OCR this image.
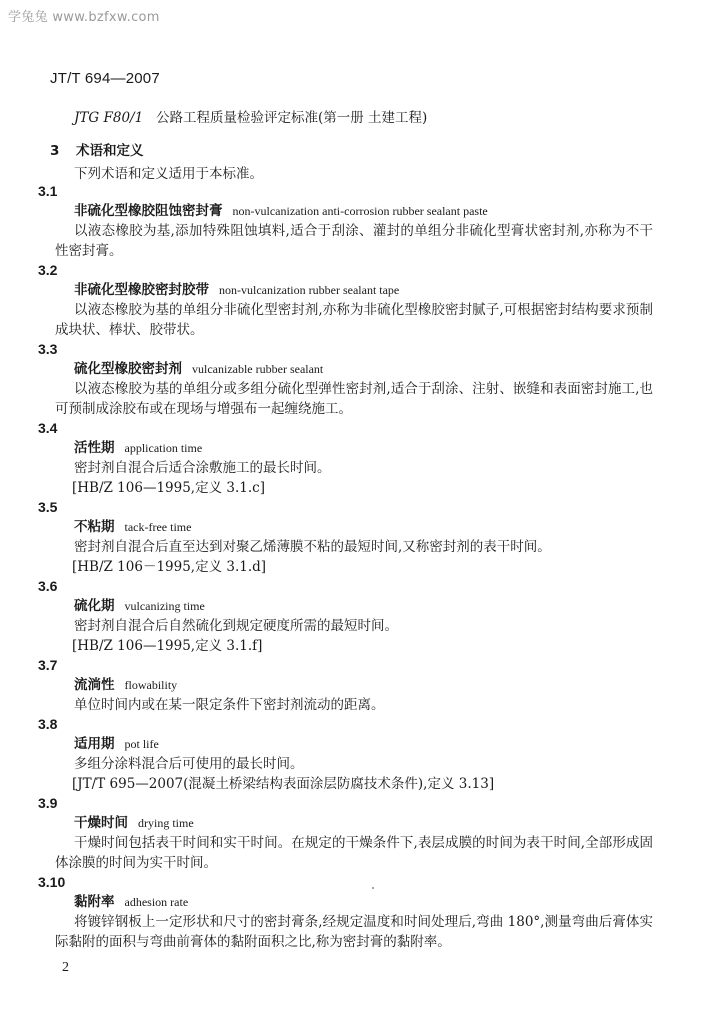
学兔兔 www.bzfxw.com
JT/T 694—2007
JTG F80/1 公路工程质量检验评定标准(第一册 土建工程)
3 术语和定义
下列术语和定义适用于本标准。
3.1
非硫化型橡胶阻蚀密封膏 non-vulcanization anti-corrosion rubber sealant paste
以液态橡胶为基,添加特殊阻蚀填料,适合于刮涂、灌封的单组分非硫化型膏状密封剂,亦称为不干性密封膏。
3.2
非硫化型橡胶密封胶带 non-vulcanization rubber sealant tape
以液态橡胶为基的单组分非硫化型密封剂,亦称为非硫化型橡胶密封腻子,可根据密封结构要求预制成块状、棒状、胶带状。
3.3
硫化型橡胶密封剂 vulcanizable rubber sealant
以液态橡胶为基的单组分或多组分硫化型弹性密封剂,适合于刮涂、注射、嵌缝和表面密封施工,也可预制成涂胶布或在现场与增强布一起缠绕施工。
3.4
活性期 application time
密封剂自混合后适合涂敷施工的最长时间。
[HB/Z 106—1995,定义 3.1.c]
3.5
不粘期 tack-free time
密封剂自混合后直至达到对聚乙烯薄膜不粘的最短时间,又称密封剂的表干时间。
[HB/Z 106－1995,定义 3.1.d]
3.6
硫化期 vulcanizing time
密封剂自混合后自然硫化到规定硬度所需的最短时间。
[HB/Z 106—1995,定义 3.1.f]
3.7
流淌性 flowability
单位时间内或在某一限定条件下密封剂流动的距离。
3.8
适用期 pot life
多组分涂料混合后可使用的最长时间。
[JT/T 695—2007(混凝土桥梁结构表面涂层防腐技术条件),定义 3.13]
3.9
干燥时间 drying time
干燥时间包括表干时间和实干时间。在规定的干燥条件下,表层成膜的时间为表干时间,全部形成固体涂膜的时间为实干时间。
3.10
黏附率 adhesion rate
将镀锌钢板上一定形状和尺寸的密封膏条,经规定温度和时间处理后,弯曲 180°,测量弯曲后膏体实际黏附的面积与弯曲前膏体的黏附面积之比,称为密封膏的黏附率。
2
